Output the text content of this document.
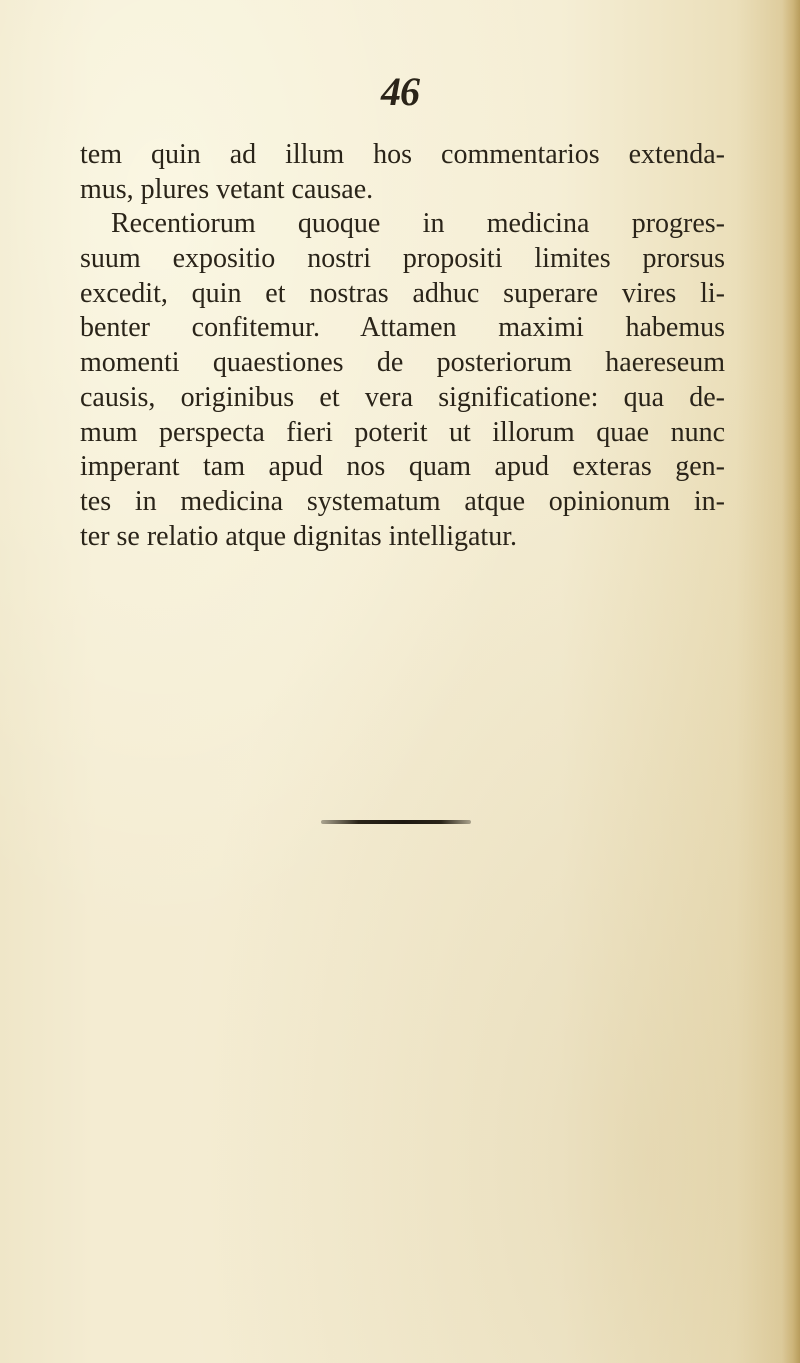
46
tem quin ad illum hos commentarios extenda-
mus, plures vetant causae.
Recentiorum quoque in medicina progres-
suum expositio nostri propositi limites prorsus
excedit, quin et nostras adhuc superare vires li-
benter confitemur. Attamen maximi habemus
momenti quaestiones de posteriorum haereseum
causis, originibus et vera significatione: qua de-
mum perspecta fieri poterit ut illorum quae nunc
imperant tam apud nos quam apud exteras gen-
tes in medicina systematum atque opinionum in-
ter se relatio atque dignitas intelligatur.
